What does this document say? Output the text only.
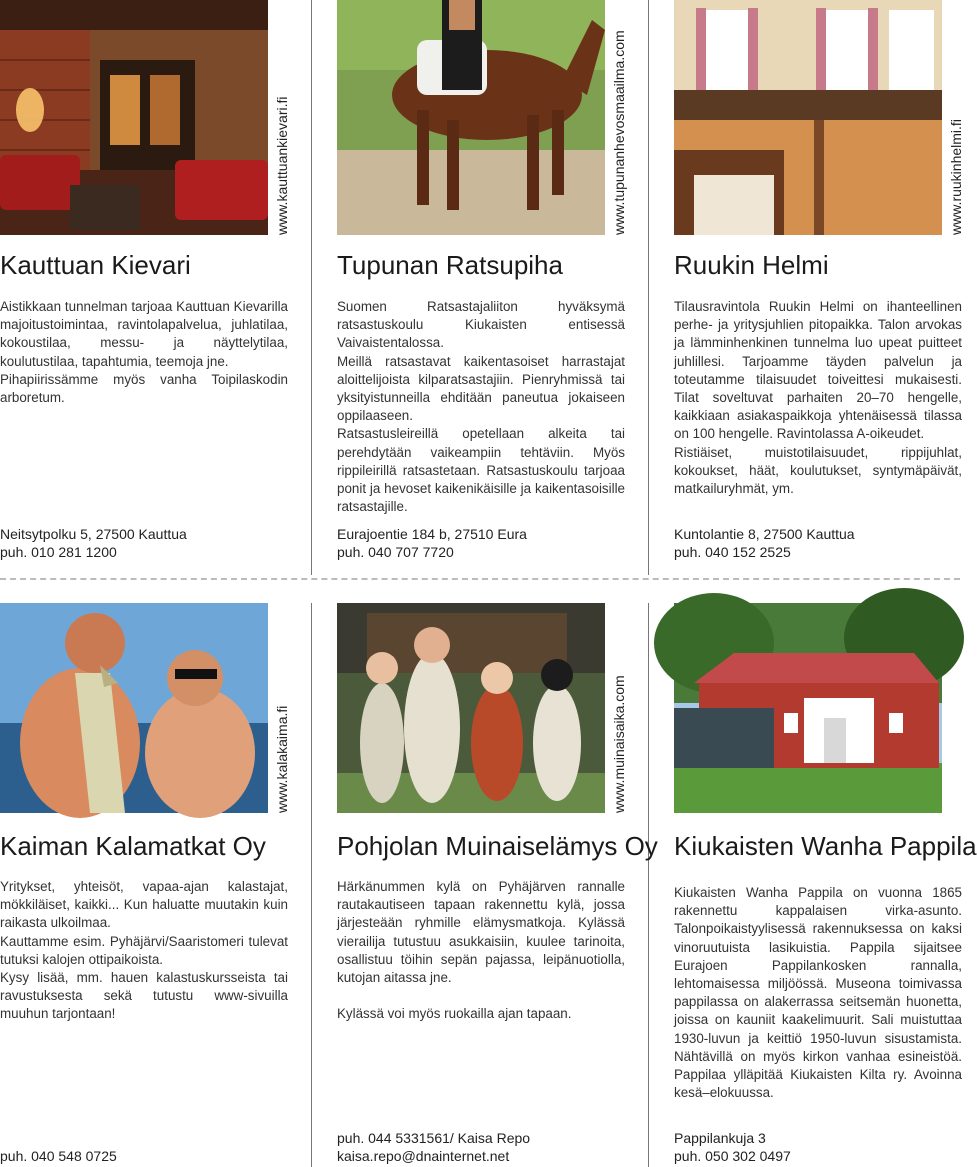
www.kauttuankievari.fi
Kauttuan Kievari

Aistikkaan tunnelman tarjoaa Kauttuan Kievarilla majoitustoimintaa, ravintolapalvelua, juhlatilaa, kokoustilaa, messu- ja näyttelytilaa, koulutustilaa, tapahtumia, teemoja jne.

Pihapiirissämme myös vanha Toipilaskodin arboretum.

Neitsytpolku 5, 27500 Kauttua
puh. 010 281 1200
www.tupunanhevosmaailma.com
Tupunan Ratsupiha

Suomen Ratsastajaliiton hyväksymä ratsastuskoulu Kiukaisten entisessä Vaivaistentalossa.

Meillä ratsastavat kaikentasoiset harrastajat aloittelijoista kilparatsastajiin. Pienryhmissä tai yksityistunneilla ehditään paneutua jokaiseen oppilaaseen.

Ratsastusleireillä opetellaan alkeita tai perehdytään vaikeampiin tehtäviin. Myös rippileirillä ratsastetaan. Ratsastuskoulu tarjoaa ponit ja hevoset kaikenikäisille ja kaikentasoisille ratsastajille.

Eurajoentie 184 b, 27510 Eura
puh. 040 707 7720
www.ruukinhelmi.fi
Ruukin Helmi

Tilausravintola Ruukin Helmi on ihanteellinen perhe- ja yritysjuhlien pitopaikka. Talon arvokas ja lämminhenkinen tunnelma luo upeat puitteet juhlillesi. Tarjoamme täyden palvelun ja toteutamme tilaisuudet toiveittesi mukaisesti. Tilat soveltuvat parhaiten 20–70 hengelle, kaikkiaan asiakaspaikkoja yhtenäisessä tilassa on 100 hengelle. Ravintolassa A-oikeudet.

Ristiäiset, muistotilaisuudet, rippijuhlat, kokoukset, häät, koulutukset, syntymäpäivät, matkailuryhmät, ym.

Kuntolantie 8, 27500 Kauttua
puh. 040 152 2525
www.kalakaima.fi
Kaiman Kalamatkat Oy

Yritykset, yhteisöt, vapaa-ajan kalastajat, mökkiläiset, kaikki... Kun haluatte muutakin kuin raikasta ulkoilmaa.

Kauttamme esim. Pyhäjärvi/Saaristomeri tulevat tutuksi kalojen ottipaikoista.

Kysy lisää, mm. hauen kalastuskursseista tai ravustuksesta sekä tutustu www-sivuilla muuhun tarjontaan!

puh. 040 548 0725
www.muinaisaika.com
Pohjolan Muinaiselämys Oy

Härkänummen kylä on Pyhäjärven rannalle rautakautiseen tapaan rakennettu kylä, jossa järjesteään ryhmille elämysmatkoja. Kylässä vierailija tutustuu asukkaisiin, kuulee tarinoita, osallistuu töihin sepän pajassa, leipänuotiolla, kutojan aitassa jne.

Kylässä voi myös ruokailla ajan tapaan.

puh. 044 5331561/ Kaisa Repo
kaisa.repo@dnainternet.net
Kiukaisten Wanha Pappila

Kiukaisten Wanha Pappila on vuonna 1865 rakennettu kappalaisen virka-asunto. Talonpoikaistyylisessä rakennuksessa on kaksi vinoruutuista lasikuistia. Pappila sijaitsee Eurajoen Pappilankosken rannalla, lehtomaisessa miljöössä. Museona toimivassa pappilassa on alakerrassa seitsemän huonetta, joissa on kauniit kaakelimuurit. Sali muistuttaa 1930-luvun ja keittiö 1950-luvun sisustamista. Nähtävillä on myös kirkon vanhaa esineistöä. Pappilaa ylläpitää Kiukaisten Kilta ry. Avoinna kesä–elokuussa.

Pappilankuja 3
puh. 050 302 0497
